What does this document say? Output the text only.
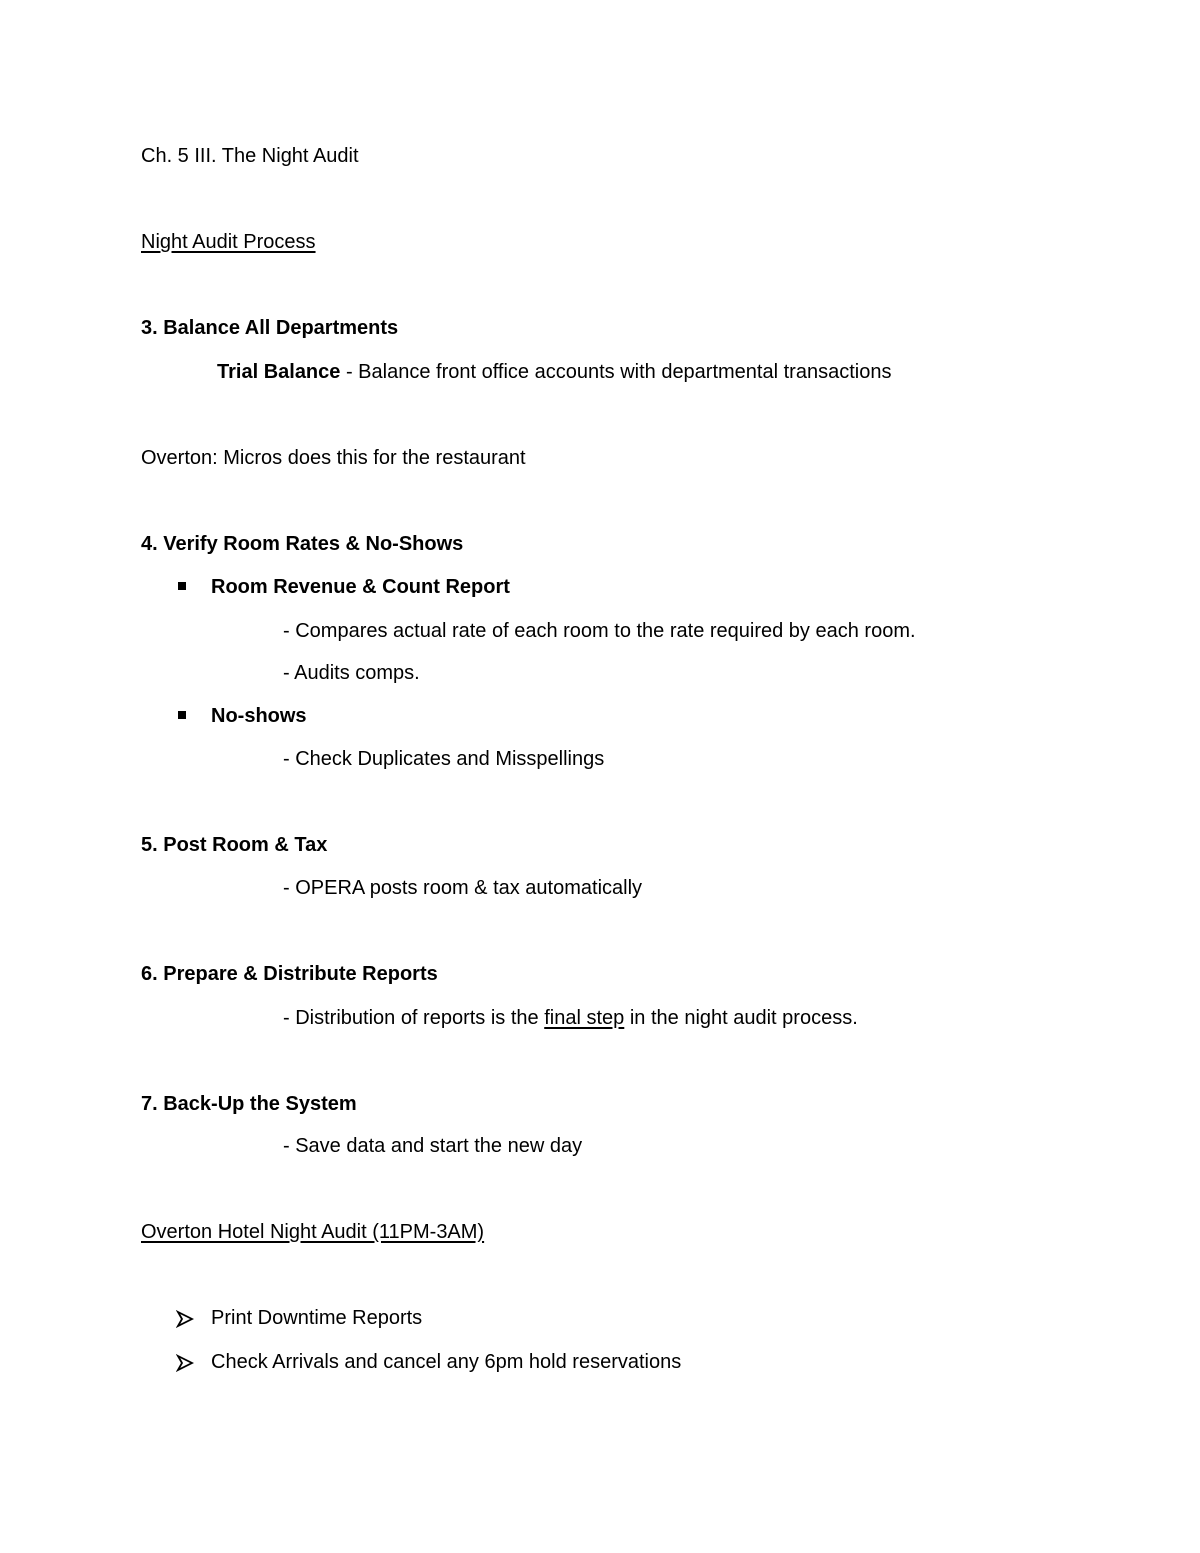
Ch. 5 III. The Night Audit
Night Audit Process
3. Balance All Departments
Trial Balance - Balance front office accounts with departmental transactions
Overton: Micros does this for the restaurant
4. Verify Room Rates & No-Shows
Room Revenue & Count Report
- Compares actual rate of each room to the rate required by each room.
- Audits comps.
No-shows
- Check Duplicates and Misspellings
5. Post Room & Tax
- OPERA posts room & tax automatically
6. Prepare & Distribute Reports
- Distribution of reports is the final step in the night audit process.
7. Back-Up the System
- Save data and start the new day
Overton Hotel Night Audit (11PM-3AM)
Print Downtime Reports
Check Arrivals and cancel any 6pm hold reservations
